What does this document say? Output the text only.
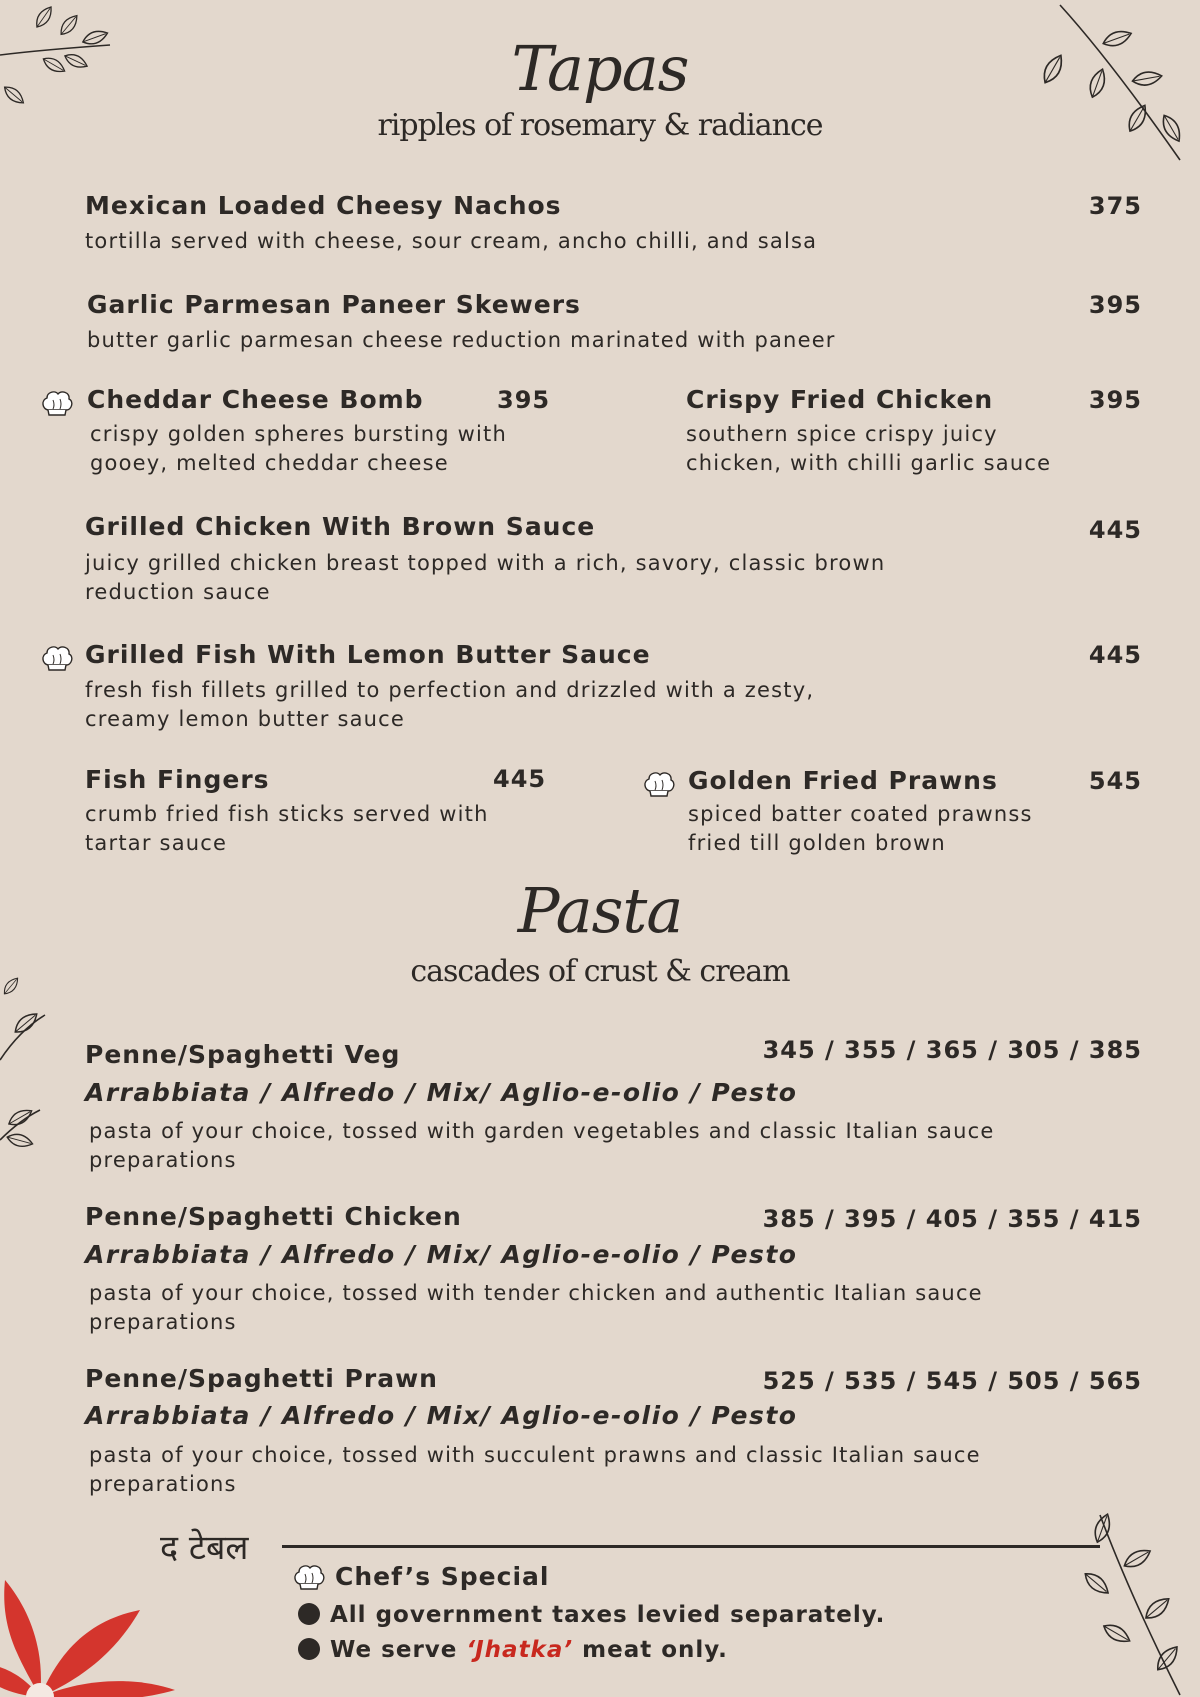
Tapas
ripples of rosemary & radiance
Mexican Loaded Cheesy Nachos	375
tortilla served with cheese, sour cream, ancho chilli, and salsa
Garlic Parmesan Paneer Skewers	395
butter garlic parmesan cheese reduction marinated with paneer
Cheddar Cheese Bomb	395
crispy golden spheres bursting with gooey, melted cheddar cheese
Crispy Fried Chicken	395
southern spice crispy juicy chicken, with chilli garlic sauce
Grilled Chicken With Brown Sauce	445
juicy grilled chicken breast topped with a rich, savory, classic brown reduction sauce
Grilled Fish With Lemon Butter Sauce	445
fresh fish fillets grilled to perfection and drizzled with a zesty, creamy lemon butter sauce
Fish Fingers	445
crumb fried fish sticks served with tartar sauce
Golden Fried Prawns	545
spiced batter coated prawnss fried till golden brown
Pasta
cascades of crust & cream
Penne/Spaghetti Veg	345 / 355 / 365 / 305 / 385
Arrabbiata / Alfredo / Mix/ Aglio-e-olio / Pesto
pasta of your choice, tossed with garden vegetables and classic Italian sauce preparations
Penne/Spaghetti Chicken	385 / 395 / 405 / 355 / 415
Arrabbiata / Alfredo / Mix/ Aglio-e-olio / Pesto
pasta of your choice, tossed with tender chicken and authentic Italian sauce preparations
Penne/Spaghetti Prawn	525 / 535 / 545 / 505 / 565
Arrabbiata / Alfredo / Mix/ Aglio-e-olio / Pesto
pasta of your choice, tossed with succulent prawns and classic Italian sauce preparations
द टेबल
Chef’s Special
All government taxes levied separately.
We serve ‘Jhatka’ meat only.
